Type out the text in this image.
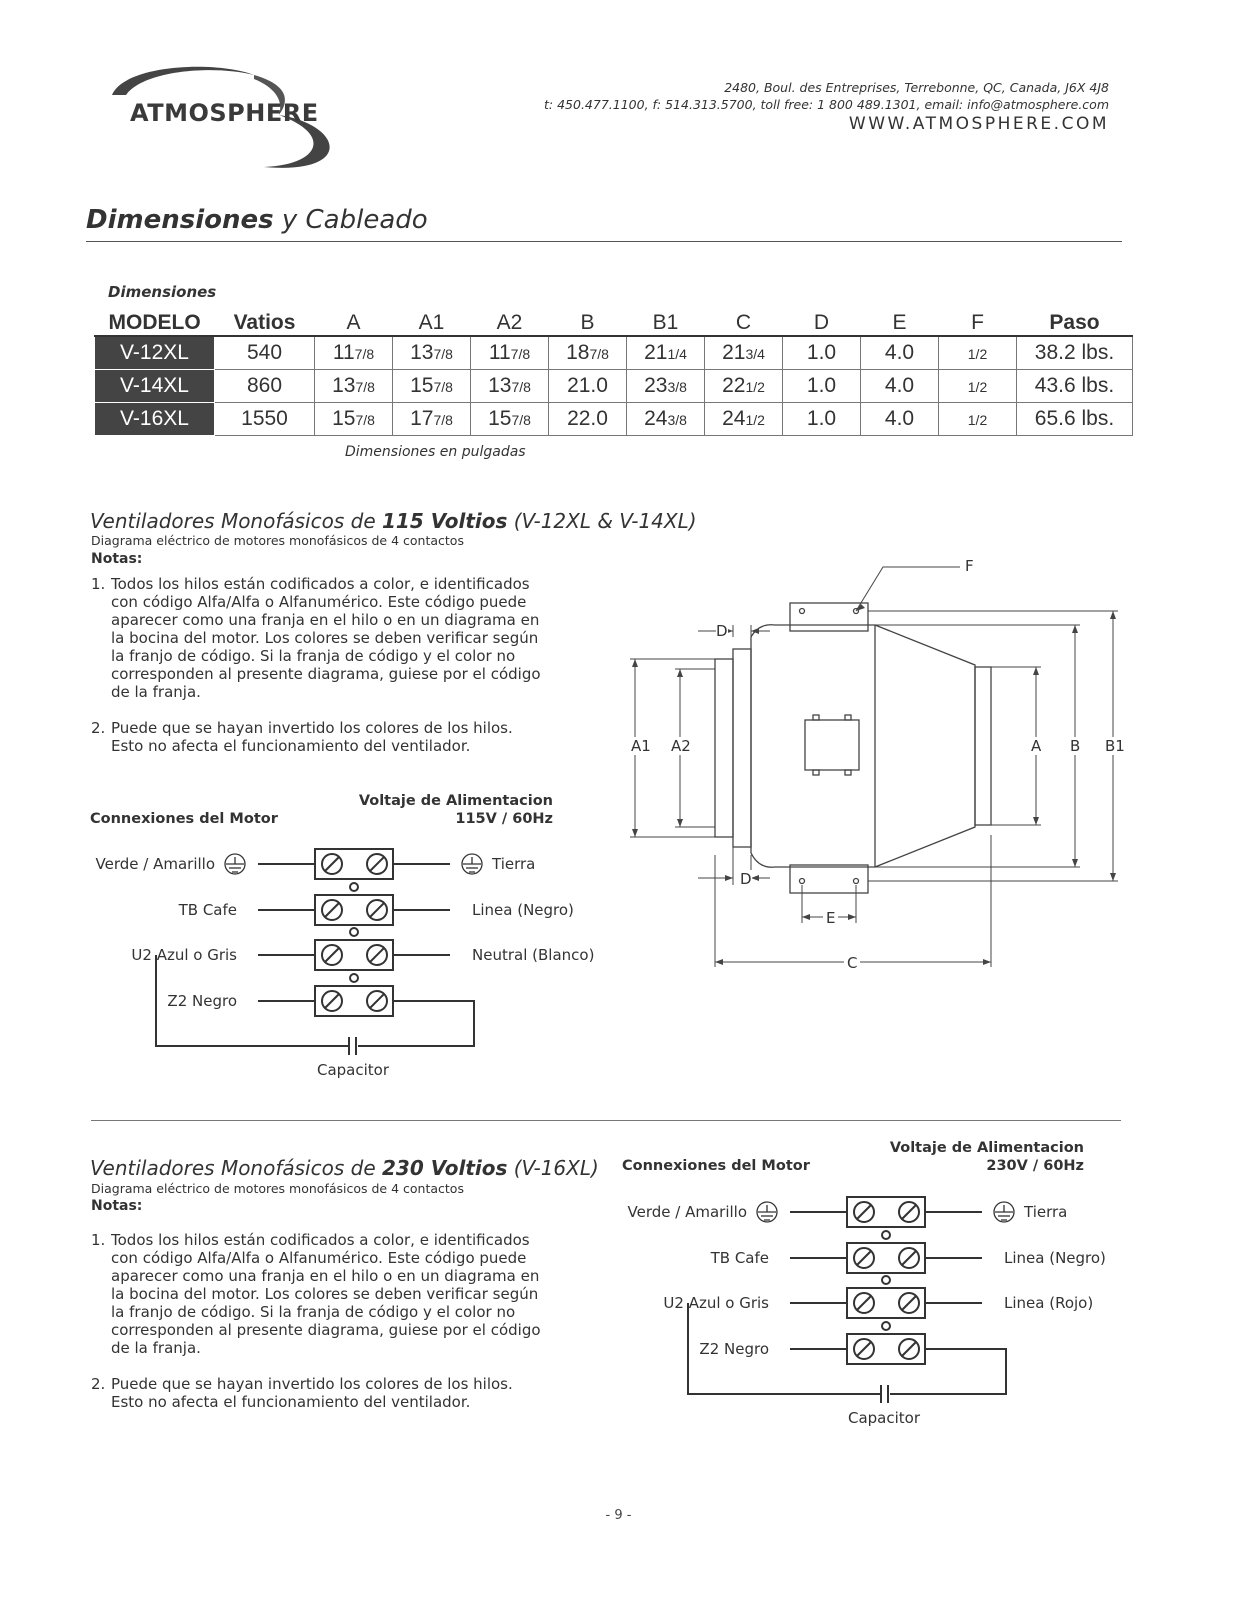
ATMOSPHERE
2480, Boul. des Entreprises, Terrebonne, QC, Canada, J6X 4J8
t: 450.477.1100, f: 514.313.5700, toll free: 1 800 489.1301, email: info@atmosphere.com
WWW.ATMOSPHERE.COM
Dimensiones y Cableado
Dimensiones
MODELO	Vatios	A	A1	A2	B	B1	C	D	E	F	Paso
V-12XL	540	117/8	137/8	117/8	187/8	211/4	213/4	1.0	4.0	1/2	38.2 lbs.
V-14XL	860	137/8	157/8	137/8	21.0	233/8	221/2	1.0	4.0	1/2	43.6 lbs.
V-16XL	1550	157/8	177/8	157/8	22.0	243/8	241/2	1.0	4.0	1/2	65.6 lbs.
Dimensiones en pulgadas
Ventiladores Monofásicos de 115 Voltios (V-12XL & V-14XL)
Diagrama eléctrico de motores monofásicos de 4 contactos
Notas:
1. Todos los hilos están codificados a color, e identificados
con código Alfa/Alfa o Alfanumérico. Este código puede
aparecer como una franja en el hilo o en un diagrama en
la bocina del motor. Los colores se deben verificar según
la franjo de código. Si la franja de código y el color no
corresponden al presente diagrama, guiese por el código
de la franja.
2. Puede que se hayan invertido los colores de los hilos.
Esto no afecta el funcionamiento del ventilador.
Voltaje de Alimentacion
115V / 60Hz
Connexiones del Motor
Verde / Amarillo
TB Cafe
U2 Azul o Gris
Z2 Negro
Tierra
Linea (Negro)
Neutral (Blanco)
Capacitor
F
D
D
A1 A2	A B B1
E
C
Ventiladores Monofásicos de 230 Voltios (V-16XL)
Diagrama eléctrico de motores monofásicos de 4 contactos
Notas:
1. Todos los hilos están codificados a color, e identificados
con código Alfa/Alfa o Alfanumérico. Este código puede
aparecer como una franja en el hilo o en un diagrama en
la bocina del motor. Los colores se deben verificar según
la franjo de código. Si la franja de código y el color no
corresponden al presente diagrama, guiese por el código
de la franja.
2. Puede que se hayan invertido los colores de los hilos.
Esto no afecta el funcionamiento del ventilador.
Voltaje de Alimentacion
230V / 60Hz
Connexiones del Motor
Verde / Amarillo
TB Cafe
U2 Azul o Gris
Z2 Negro
Tierra
Linea (Negro)
Linea (Rojo)
Capacitor
- 9 -
